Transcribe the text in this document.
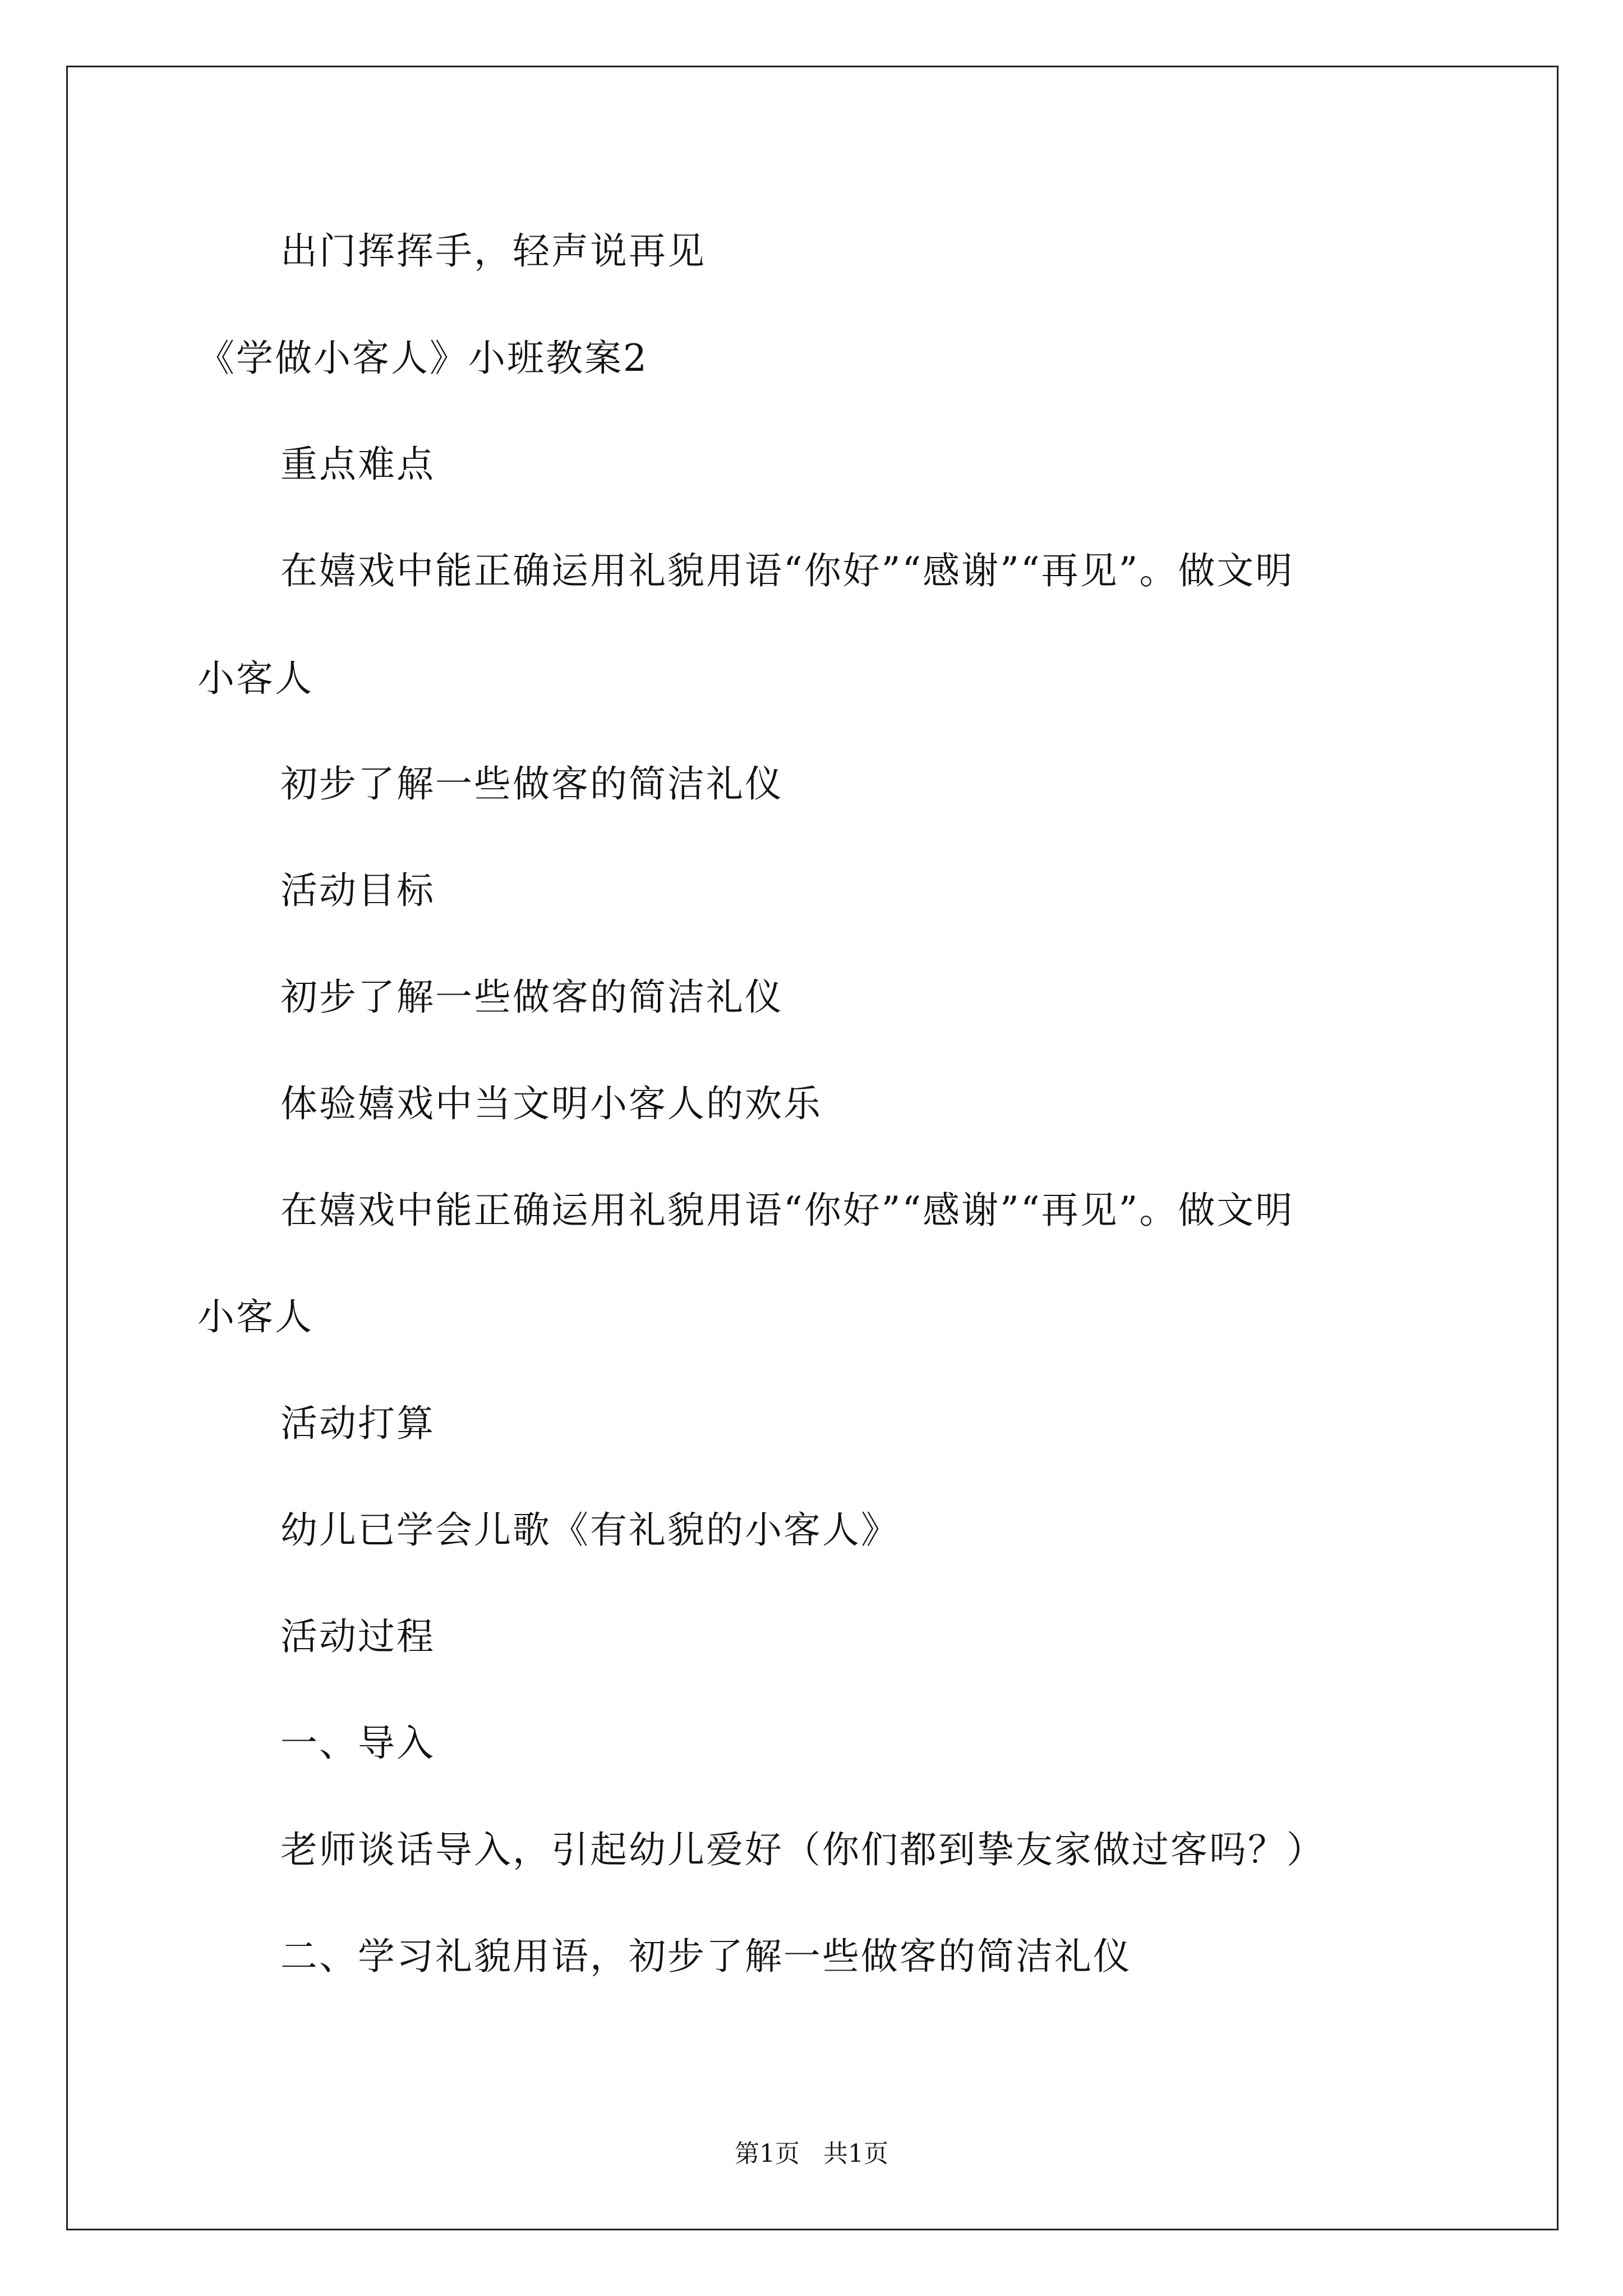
出门挥挥手，轻声说再见
《学做小客人》小班教案2
重点难点
在嬉戏中能正确运用礼貌用语“你好”“感谢”“再见”。做文明
小客人
初步了解一些做客的简洁礼仪
活动目标
初步了解一些做客的简洁礼仪
体验嬉戏中当文明小客人的欢乐
在嬉戏中能正确运用礼貌用语“你好”“感谢”“再见”。做文明
小客人
活动打算
幼儿已学会儿歌《有礼貌的小客人》
活动过程
一、导入
老师谈话导入，引起幼儿爱好（你们都到挚友家做过客吗？）
二、学习礼貌用语，初步了解一些做客的简洁礼仪
第1页   共1页
